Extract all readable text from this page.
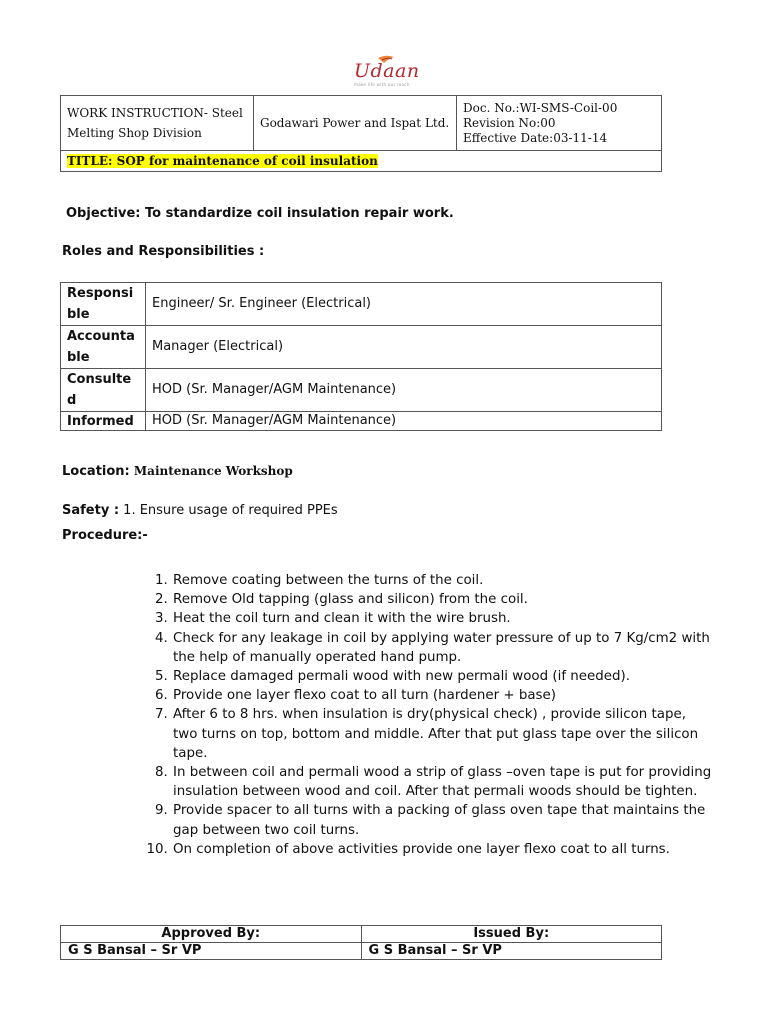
Udaan
make life with our reach
WORK INSTRUCTION- Steel Melting Shop Division	Godawari Power and Ispat Ltd.	
Doc. No.:WI-SMS-Coil-00
Revision No:00
Effective Date:03-11-14

TITLE: SOP for maintenance of coil insulation
Objective: To standardize coil insulation repair work.
Roles and Responsibilities :
Responsible	Engineer/ Sr. Engineer (Electrical)
Accountable	Manager (Electrical)
Consulted	HOD (Sr. Manager/AGM Maintenance)
Informed	HOD (Sr. Manager/AGM Maintenance)
Location: Maintenance Workshop
Safety : 1. Ensure usage of required PPEs
Procedure:-
1. Remove coating between the turns of the coil.
2. Remove Old tapping (glass and silicon) from the coil.
3. Heat the coil turn and clean it with the wire brush.
4. Check for any leakage in coil by applying water pressure of up to 7 Kg/cm2 with the help of manually operated hand pump.
5. Replace damaged permali wood with new permali wood (if needed).
6. Provide one layer flexo coat to all turn (hardener + base)
7. After 6 to 8 hrs. when insulation is dry(physical check) , provide silicon tape, two turns on top, bottom and middle. After that put glass tape over the silicon tape.
8. In between coil and permali wood a strip of glass –oven tape is put for providing insulation between wood and coil. After that permali woods should be tighten.
9. Provide spacer to all turns with a packing of glass oven tape that maintains the gap between two coil turns.
10. On completion of above activities provide one layer flexo coat to all turns.
Approved By:	Issued By:
G S Bansal – Sr VP	G S Bansal – Sr VP
